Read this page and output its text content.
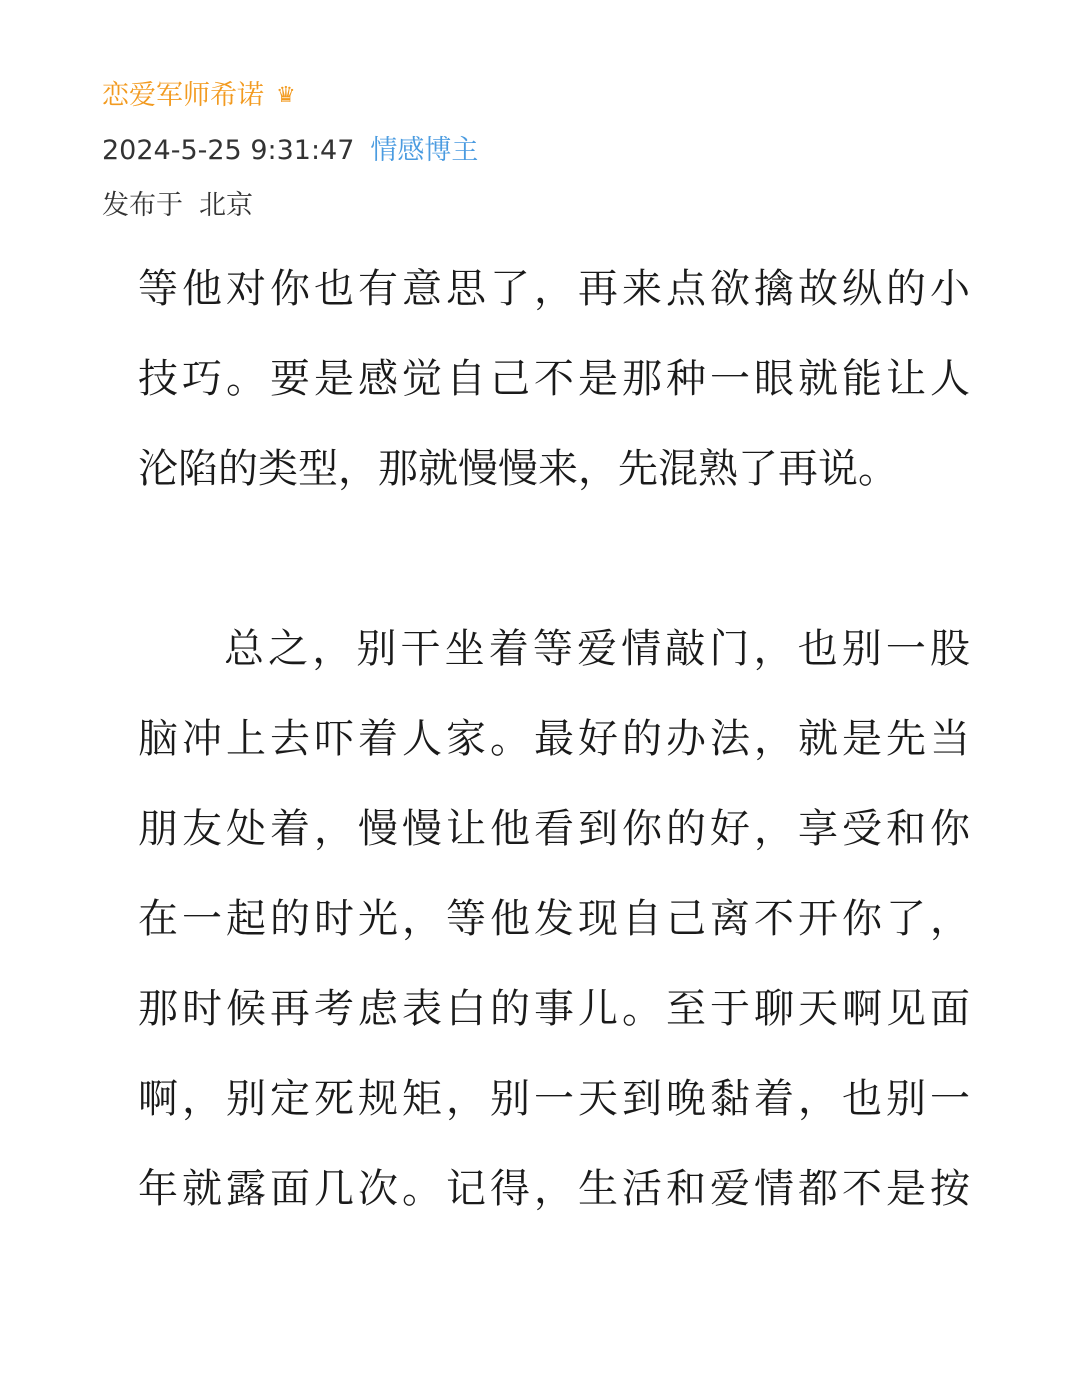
恋爱军师希诺 ♛
2024-5-25 9:31:47 情感博主
发布于 北京
等他对你也有意思了，再来点欲擒故纵的小
技巧。要是感觉自己不是那种一眼就能让人
沦陷的类型，那就慢慢来，先混熟了再说。
总之，别干坐着等爱情敲门，也别一股
脑冲上去吓着人家。最好的办法，就是先当
朋友处着，慢慢让他看到你的好，享受和你
在一起的时光，等他发现自己离不开你了，
那时候再考虑表白的事儿。至于聊天啊见面
啊，别定死规矩，别一天到晚黏着，也别一
年就露面几次。记得，生活和爱情都不是按
